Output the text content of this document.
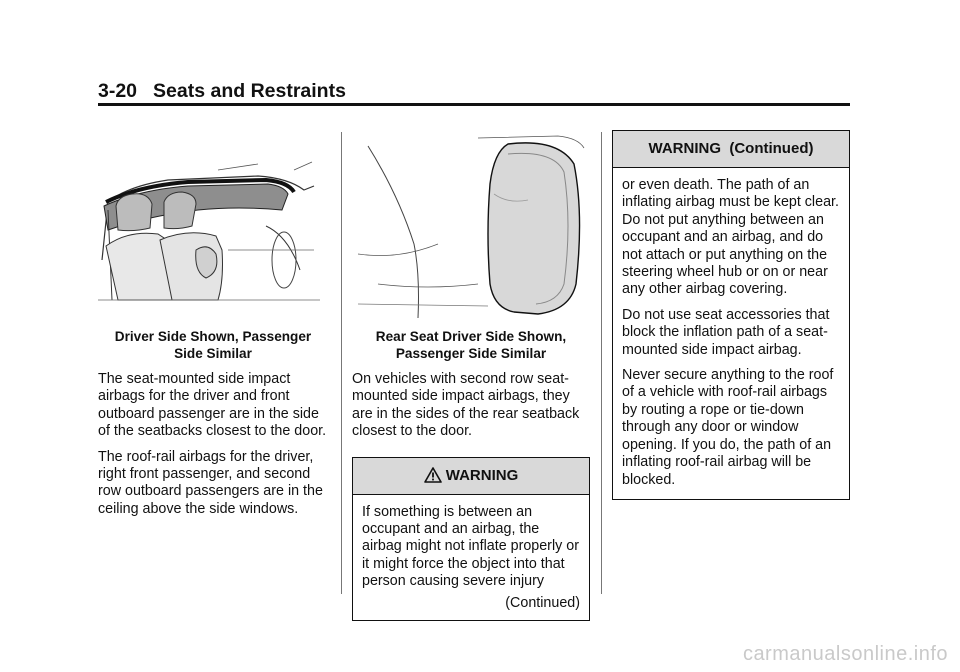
3-20 Seats and Restraints
Driver Side Shown, Passenger
Side Similar

The seat-mounted side impact airbags for the driver and front outboard passenger are in the side of the seatbacks closest to the door.

The roof-rail airbags for the driver, right front passenger, and second row outboard passengers are in the ceiling above the side windows.

Rear Seat Driver Side Shown,
Passenger Side Similar

On vehicles with second row seat-mounted side impact airbags, they are in the sides of the rear seatback closest to the door.

WARNING
If something is between an occupant and an airbag, the airbag might not inflate properly or it might force the object into that person causing severe injury
(Continued)
WARNING  (Continued)

or even death. The path of an inflating airbag must be kept clear. Do not put anything between an occupant and an airbag, and do not attach or put anything on the steering wheel hub or on or near any other airbag covering.

Do not use seat accessories that block the inflation path of a seat-mounted side impact airbag.

Never secure anything to the roof of a vehicle with roof-rail airbags by routing a rope or tie-down through any door or window opening. If you do, the path of an inflating roof-rail airbag will be blocked.

carmanualsonline.info
